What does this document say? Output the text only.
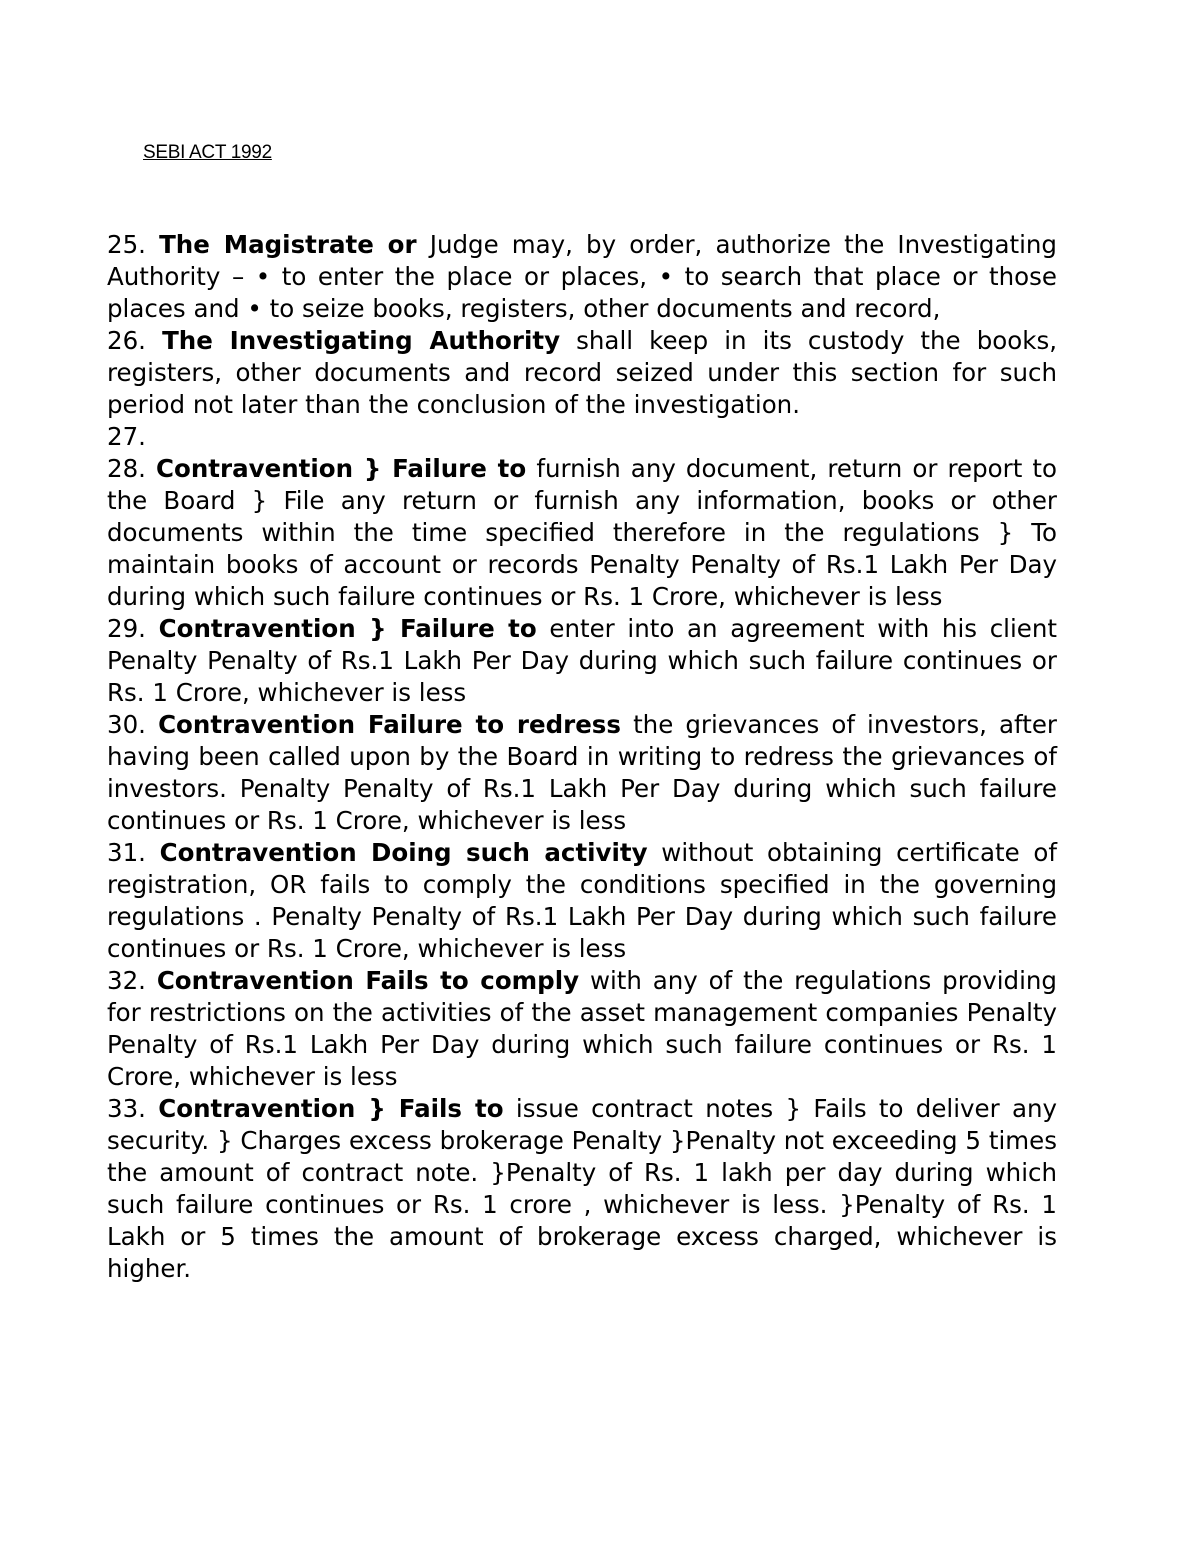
SEBI ACT 1992

25. The Magistrate or Judge may, by order, authorize the Investigating Authority – • to enter the place or places, • to search that place or those places and • to seize books, registers, other documents and record,

26. The Investigating Authority shall keep in its custody the books, registers, other documents and record seized under this section for such period not later than the conclusion of the investigation.

27.

28. Contravention } Failure to furnish any document, return or report to the Board } File any return or furnish any information, books or other documents within the time specified therefore in the regulations } To maintain books of account or records Penalty Penalty of Rs.1 Lakh Per Day during which such failure continues or Rs. 1 Crore, whichever is less

29. Contravention } Failure to enter into an agreement with his client Penalty Penalty of Rs.1 Lakh Per Day during which such failure continues or Rs. 1 Crore, whichever is less

30. Contravention Failure to redress the grievances of investors, after having been called upon by the Board in writing to redress the grievances of investors. Penalty Penalty of Rs.1 Lakh Per Day during which such failure continues or Rs. 1 Crore, whichever is less

31. Contravention Doing such activity without obtaining certificate of registration, OR fails to comply the conditions specified in the governing regulations . Penalty Penalty of Rs.1 Lakh Per Day during which such failure continues or Rs. 1 Crore, whichever is less

32. Contravention Fails to comply with any of the regulations providing for restrictions on the activities of the asset management companies Penalty Penalty of Rs.1 Lakh Per Day during which such failure continues or Rs. 1 Crore, whichever is less

33. Contravention } Fails to issue contract notes } Fails to deliver any security. } Charges excess brokerage Penalty }Penalty not exceeding 5 times the amount of contract note. }Penalty of Rs. 1 lakh per day during which such failure continues or Rs. 1 crore , whichever is less. }Penalty of Rs. 1 Lakh or 5 times the amount of brokerage excess charged, whichever is higher.
